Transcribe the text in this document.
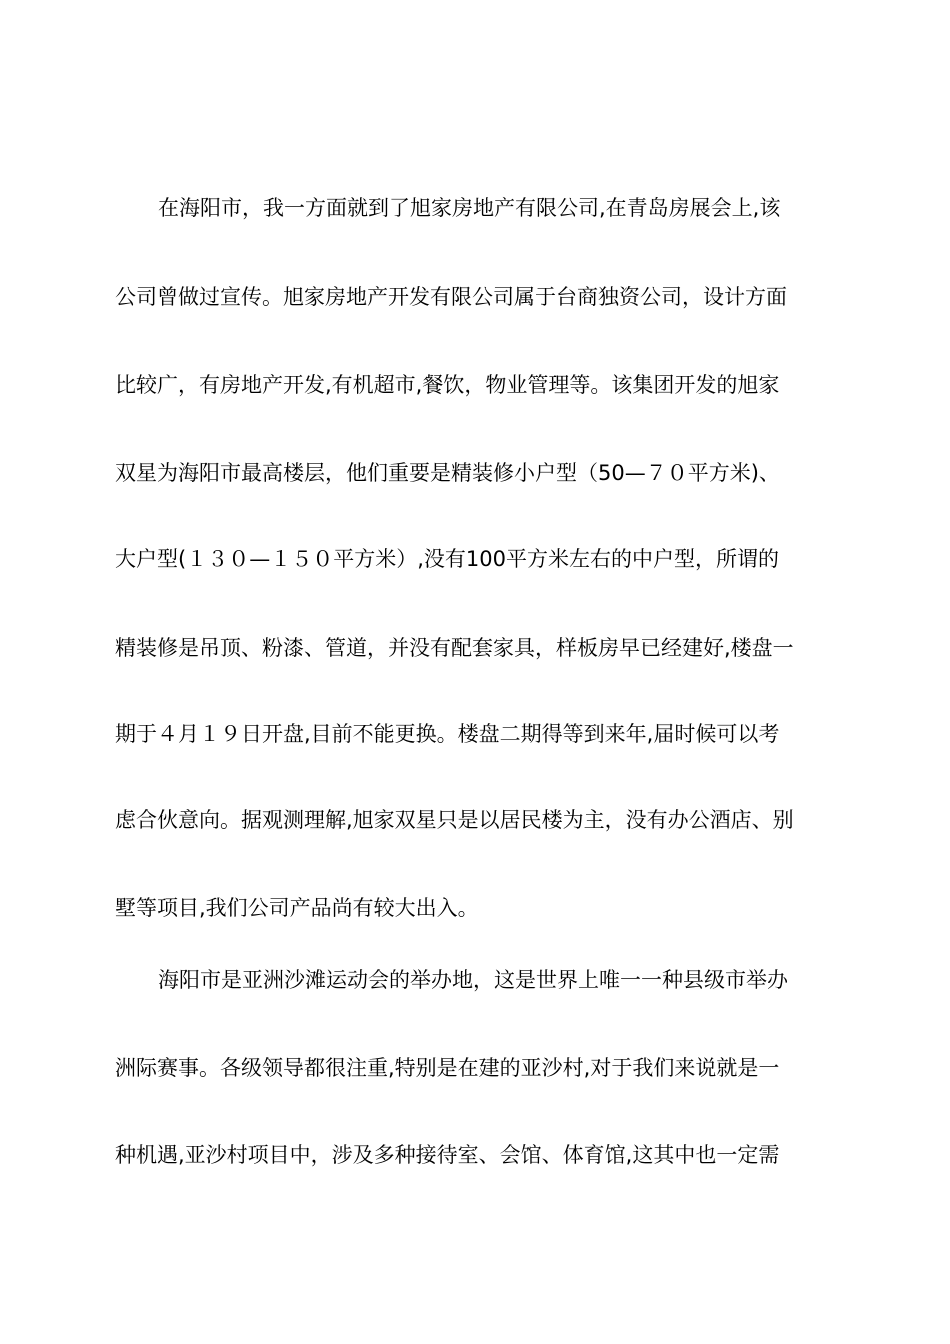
在海阳市，我一方面就到了旭家房地产有限公司,在青岛房展会上,该
公司曾做过宣传。旭家房地产开发有限公司属于台商独资公司，设计方面
比较广，有房地产开发,有机超市,餐饮，物业管理等。该集团开发的旭家
双星为海阳市最高楼层，他们重要是精装修小户型（50—７０平方米)、
大户型(１３０—１５０平方米）,没有100平方米左右的中户型，所谓的
精装修是吊顶、粉漆、管道，并没有配套家具，样板房早已经建好,楼盘一
期于４月１９日开盘,目前不能更换。楼盘二期得等到来年,届时候可以考
虑合伙意向。据观测理解,旭家双星只是以居民楼为主，没有办公酒店、别
墅等项目,我们公司产品尚有较大出入。
海阳市是亚洲沙滩运动会的举办地，这是世界上唯一一种县级市举办
洲际赛事。各级领导都很注重,特别是在建的亚沙村,对于我们来说就是一
种机遇,亚沙村项目中，涉及多种接待室、会馆、体育馆,这其中也一定需
